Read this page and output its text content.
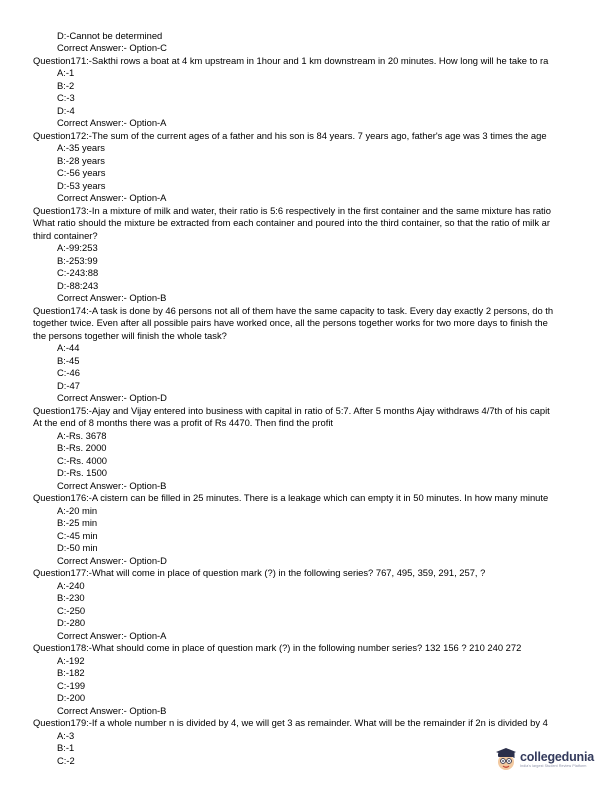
D:-Cannot be determined
Correct Answer:- Option-C
Question171:-Sakthi rows a boat at 4 km upstream in 1hour and 1 km downstream in 20 minutes. How long will he take to ra
A:-1
B:-2
C:-3
D:-4
Correct Answer:- Option-A
Question172:-The sum of the current ages of a father and his son is 84 years. 7 years ago, father's age was 3 times the age
A:-35 years
B:-28 years
C:-56 years
D:-53 years
Correct Answer:- Option-A
Question173:-In a mixture of milk and water, their ratio is 5:6 respectively in the first container and the same mixture has ratio
What ratio should the mixture be extracted from each container and poured into the third container, so that the ratio of milk ar
third container?
A:-99:253
B:-253:99
C:-243:88
D:-88:243
Correct Answer:- Option-B
Question174:-A task is done by 46 persons not all of them have the same capacity to task. Every day exactly 2 persons, do th
together twice. Even after all possible pairs have worked once, all the persons together works for two more days to finish the
the persons together will finish the whole task?
A:-44
B:-45
C:-46
D:-47
Correct Answer:- Option-D
Question175:-Ajay and Vijay entered into business with capital in ratio of 5:7. After 5 months Ajay withdraws 4/7th of his capit
At the end of 8 months there was a profit of Rs 4470. Then find the profit
A:-Rs. 3678
B:-Rs. 2000
C:-Rs. 4000
D:-Rs. 1500
Correct Answer:- Option-B
Question176:-A cistern can be filled in 25 minutes. There is a leakage which can empty it in 50 minutes. In how many minute
A:-20 min
B:-25 min
C:-45 min
D:-50 min
Correct Answer:- Option-D
Question177:-What will come in place of question mark (?) in the following series? 767, 495, 359, 291, 257, ?
A:-240
B:-230
C:-250
D:-280
Correct Answer:- Option-A
Question178:-What should come in place of question mark (?) in the following number series? 132 156 ? 210 240 272
A:-192
B:-182
C:-199
D:-200
Correct Answer:- Option-B
Question179:-If a whole number n is divided by 4, we will get 3 as remainder. What will be the remainder if 2n is divided by 4
A:-3
B:-1
C:-2	collegedunia
India's largest Student Review Platform
